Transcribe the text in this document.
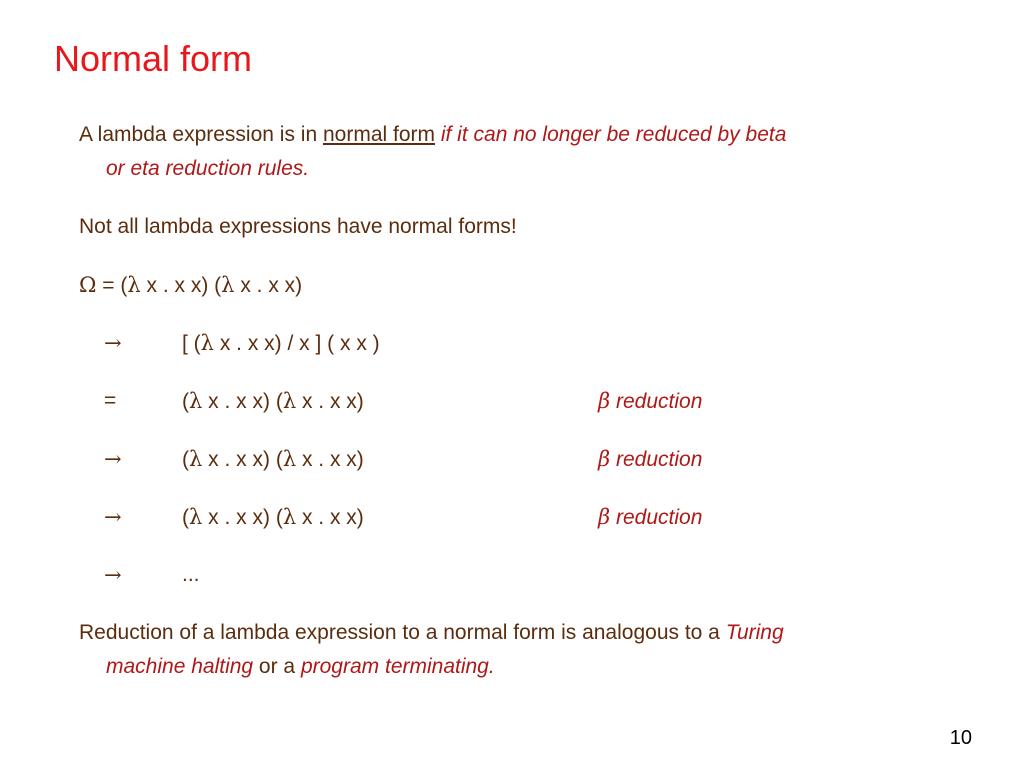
Normal form
A lambda expression is in normal form if it can no longer be reduced by beta
or eta reduction rules.
Not all lambda expressions have normal forms!
Ω = (λ x . x x) (λ x . x x)
→	[ (λ x . x x) / x ] ( x x )
=	(λ x . x x) (λ x . x x)	β reduction
→	(λ x . x x) (λ x . x x)	β reduction
→	(λ x . x x) (λ x . x x)	β reduction
→	...
Reduction of a lambda expression to a normal form is analogous to a Turing
machine halting or a program terminating.
10
